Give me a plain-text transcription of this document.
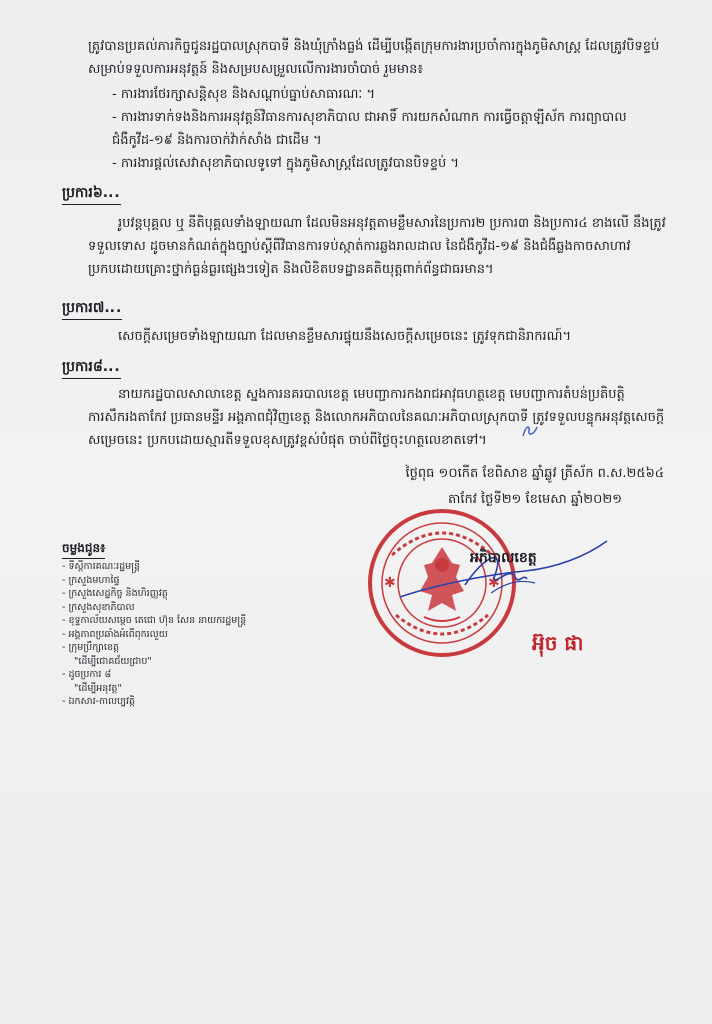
ត្រូវបានប្រគល់ភារកិច្ចជូនរដ្ឋបាលស្រុកបាទី និងឃុំក្រាំងធ្លង់ ដើម្បីបង្កើតក្រុមការងារប្រចាំការក្នុងភូមិសាស្ត្រ ដែលត្រូវបិទខ្ទប់ សម្រាប់ទទួលការអនុវត្តន៍ និងសម្របសម្រួលលើការងារចាំបាច់ រួមមាន៖

- ការងារថែរក្សាសន្តិសុខ និងសណ្តាប់ធ្នាប់សាធារណៈ ។

- ការងារទាក់ទងនិងការអនុវត្តន៍វិធានការសុខាភិបាល ជាអាទិ៍ ការយកសំណាក ការធ្វើចត្តាឡីស័ក ការព្យាបាលជំងឺកូវីដ-១៩ និងការចាក់វ៉ាក់សាំង ជាដើម ។

- ការងារផ្តល់សេវាសុខាភិបាលទូទៅ ក្នុងភូមិសាស្ត្រដែលត្រូវបានបិទខ្ទប់ ។

ប្រការ៦...

រូបវន្តបុគ្គល ឬ នីតិបុគ្គលទាំងឡាយណា ដែលមិនអនុវត្តតាមខ្លឹមសារនៃប្រការ២ ប្រការ៣ និងប្រការ៤ ខាងលើ នឹងត្រូវទទួលទោស ដូចមានកំណត់ក្នុងច្បាប់ស្តីពីវិធានការទប់ស្កាត់ការឆ្លងរាលដាល នៃជំងឺកូវីដ-១៩ និងជំងឺឆ្លងកាចសាហាវប្រកបដោយគ្រោះថ្នាក់ធ្ងន់ធ្ងរផ្សេងៗទៀត និងលិខិតបទដ្ឋានគតិយុត្តពាក់ព័ន្ធជាធរមាន។

ប្រការ៧...

សេចក្តីសម្រេចទាំងឡាយណា ដែលមានខ្លឹមសារផ្ទុយនឹងសេចក្តីសម្រេចនេះ ត្រូវទុកជានិរាករណ៍។

ប្រការ៨...

នាយករដ្ឋបាលសាលាខេត្ត ស្នងការនគរបាលខេត្ត មេបញ្ជាការកងរាជអាវុធហត្ថខេត្ត មេបញ្ជាការតំបន់ប្រតិបត្តិការសឹករងតាកែវ ប្រធានមន្ទីរ អង្គភាពជុំវិញខេត្ត និងលោកអភិបាលនៃគណៈអភិបាលស្រុកបាទី ត្រូវទទួលបន្ទុកអនុវត្តសេចក្តីសម្រេចនេះ ប្រកបដោយស្មារតីទទួលខុសត្រូវខ្ពស់បំផុត ចាប់ពីថ្ងៃចុះហត្ថលេខាតទៅ។

ថ្ងៃពុធ ១០កើត ខែពិសាខ ឆ្នាំឆ្លូវ ត្រីស័ក ព.ស.២៥៦៤
តាកែវ ថ្ងៃទី២១ ខែមេសា ឆ្នាំ២០២១
✱	✱
អភិបាលខេត្ត
អ៊ុច ផា
ចម្លងជូន៖
- ទីស្តីការគណៈរដ្ឋមន្ត្រី
- ក្រសួងមហាផ្ទៃ
- ក្រសួងសេដ្ឋកិច្ច និងហិរញ្ញវត្ថុ
- ក្រសួងសុខាភិបាល
- ខុទ្ទកាល័យសម្តេច តេជោ ហ៊ុន សែន នាយករដ្ឋមន្ត្រី
- អង្គភាពប្រឆាំងអំពើពុករលួយ
- ក្រុមប្រឹក្សាខេត្ត
"ដើម្បីជោគជ័យជ្រាប"
- ដូចប្រការ ៨
"ដើម្បីអនុវត្ត"
- ឯកសារ-កាលប្បវត្តិ
